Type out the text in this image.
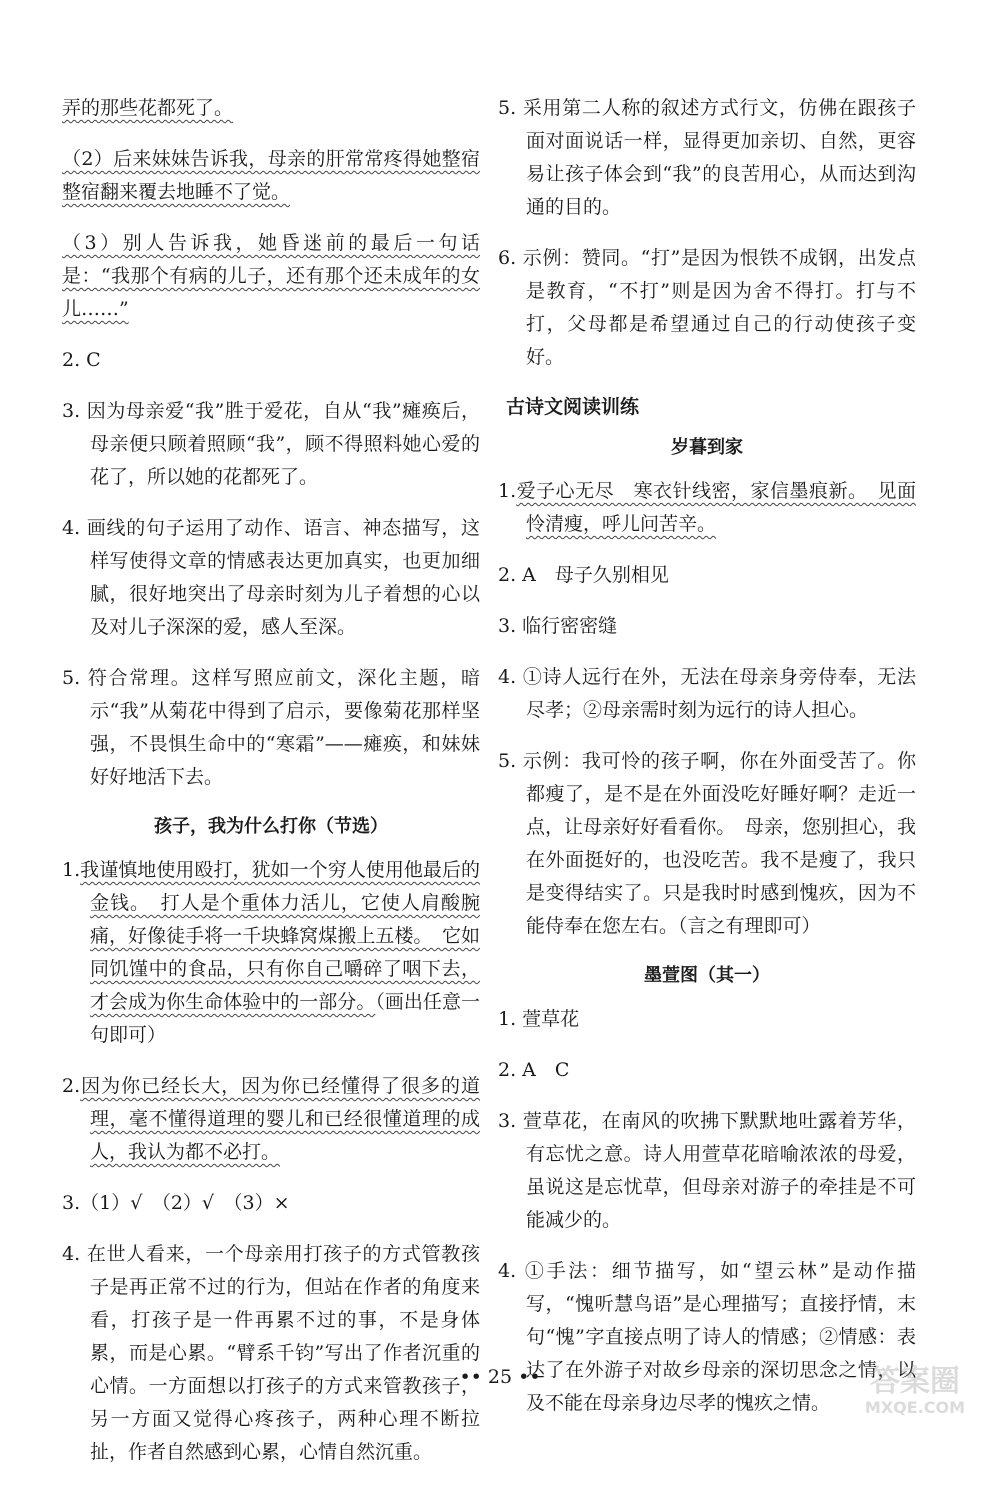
弄的那些花都死了。

（2）后来妹妹告诉我，母亲的肝常常疼得她整宿整宿翻来覆去地睡不了觉。

（3）别人告诉我，她昏迷前的最后一句话是：“我那个有病的儿子，还有那个还未成年的女儿……”

2. C

3. 因为母亲爱“我”胜于爱花，自从“我”瘫痪后，母亲便只顾着照顾“我”，顾不得照料她心爱的花了，所以她的花都死了。

4. 画线的句子运用了动作、语言、神态描写，这样写使得文章的情感表达更加真实，也更加细腻，很好地突出了母亲时刻为儿子着想的心以及对儿子深深的爱，感人至深。

5. 符合常理。这样写照应前文，深化主题，暗示“我”从菊花中得到了启示，要像菊花那样坚强，不畏惧生命中的“寒霜”——瘫痪，和妹妹好好地活下去。

孩子，我为什么打你（节选）

1.我谨慎地使用殴打，犹如一个穷人使用他最后的金钱。　打人是个重体力活儿，它使人肩酸腕痛，好像徒手将一千块蜂窝煤搬上五楼。　它如同饥馑中的食品，只有你自己嚼碎了咽下去，才会成为你生命体验中的一部分。（画出任意一句即可）

2.因为你已经长大，因为你已经懂得了很多的道理，毫不懂得道理的婴儿和已经很懂道理的成人，我认为都不必打。

3.（1）√　（2）√　（3）×

4. 在世人看来，一个母亲用打孩子的方式管教孩子是再正常不过的行为，但站在作者的角度来看，打孩子是一件再累不过的事，不是身体累，而是心累。“臂系千钧”写出了作者沉重的心情。一方面想以打孩子的方式来管教孩子，另一方面又觉得心疼孩子，两种心理不断拉扯，作者自然感到心累，心情自然沉重。

5. 采用第二人称的叙述方式行文，仿佛在跟孩子面对面说话一样，显得更加亲切、自然，更容易让孩子体会到“我”的良苦用心，从而达到沟通的目的。

6. 示例：赞同。“打”是因为恨铁不成钢，出发点是教育，“不打”则是因为舍不得打。打与不打，父母都是希望通过自己的行动使孩子变好。

古诗文阅读训练
岁暮到家

1.爱子心无尽　寒衣针线密，家信墨痕新。　见面怜清瘦，呼儿问苦辛。

2. A　母子久别相见

3. 临行密密缝

4. ①诗人远行在外，无法在母亲身旁侍奉，无法尽孝；②母亲需时刻为远行的诗人担心。

5. 示例：我可怜的孩子啊，你在外面受苦了。你都瘦了，是不是在外面没吃好睡好啊？走近一点，让母亲好好看看你。　母亲，您别担心，我在外面挺好的，也没吃苦。我不是瘦了，我只是变得结实了。只是我时时感到愧疚，因为不能侍奉在您左右。（言之有理即可）

墨萱图（其一）

1. 萱草花

2. A　C

3. 萱草花，在南风的吹拂下默默地吐露着芳华，有忘忧之意。诗人用萱草花暗喻浓浓的母爱，虽说这是忘忧草，但母亲对游子的牵挂是不可能减少的。

4. ①手法：细节描写，如“望云林”是动作描写，“愧听慧鸟语”是心理描写；直接抒情，末句“愧”字直接点明了诗人的情感；②情感：表达了在外游子对故乡母亲的深切思念之情，以及不能在母亲身边尽孝的愧疚之情。

•• 25 ••	答案圈
MXQE.COM
